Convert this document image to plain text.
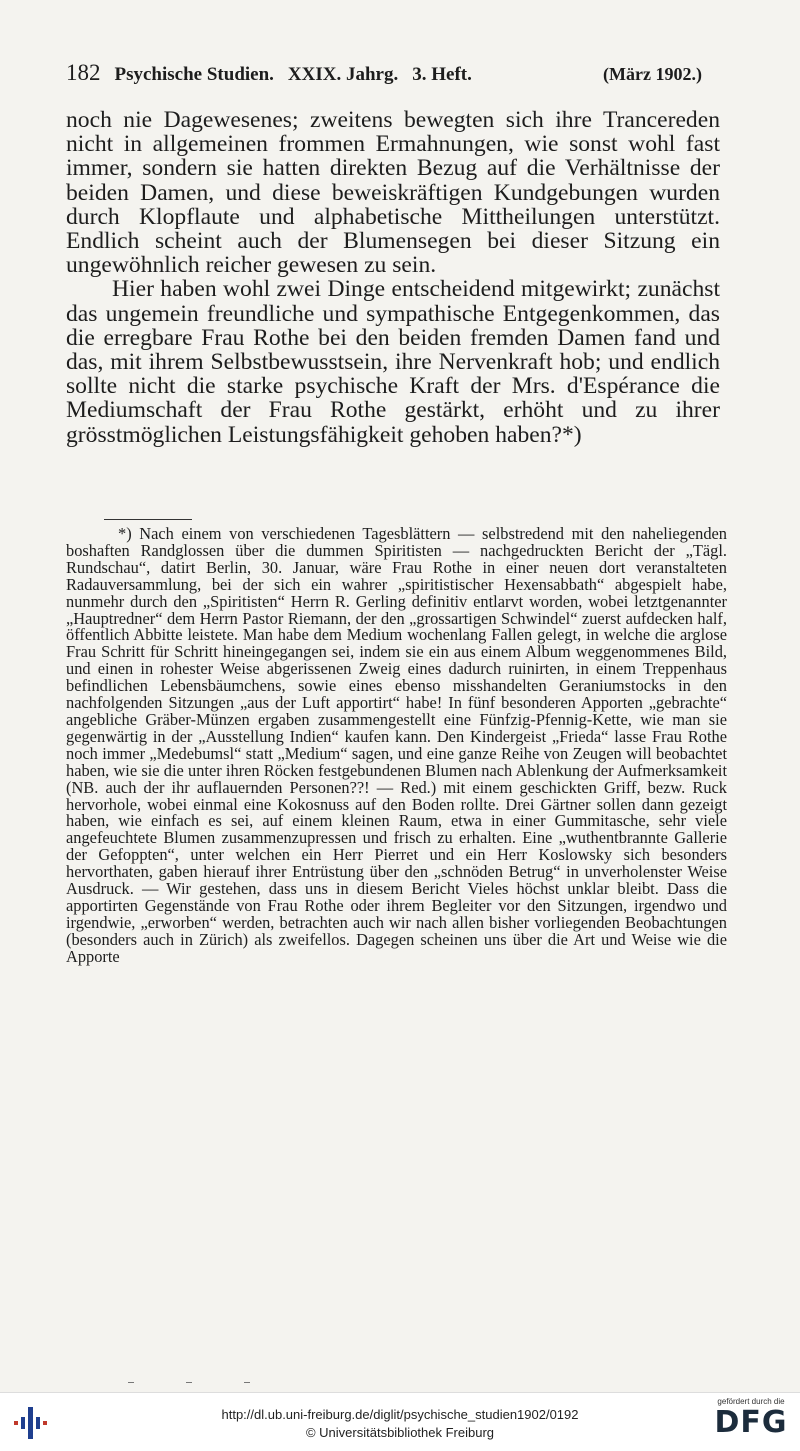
182 Psychische Studien. XXIX. Jahrg. 3. Heft.	(März 1902.)

noch nie Dagewesenes; zweitens bewegten sich ihre Trancereden nicht in allgemeinen frommen Ermahnungen, wie sonst wohl fast immer, sondern sie hatten direkten Bezug auf die Verhältnisse der beiden Damen, und diese beweiskräftigen Kundgebungen wurden durch Klopflaute und alphabetische Mittheilungen unterstützt. Endlich scheint auch der Blumensegen bei dieser Sitzung ein ungewöhnlich reicher gewesen zu sein.

Hier haben wohl zwei Dinge entscheidend mitgewirkt; zunächst das ungemein freundliche und sympathische Entgegenkommen, das die erregbare Frau Rothe bei den beiden fremden Damen fand und das, mit ihrem Selbstbewusstsein, ihre Nervenkraft hob; und endlich sollte nicht die starke psychische Kraft der Mrs. d'Espérance die Mediumschaft der Frau Rothe gestärkt, erhöht und zu ihrer grösstmöglichen Leistungsfähigkeit gehoben haben?*)

*) Nach einem von verschiedenen Tagesblättern — selbstredend mit den naheliegenden boshaften Randglossen über die dummen Spiritisten — nachgedruckten Bericht der „Tägl. Rundschau“, datirt Berlin, 30. Januar, wäre Frau Rothe in einer neuen dort veranstalteten Radauversammlung, bei der sich ein wahrer „spiritistischer Hexensabbath“ abgespielt habe, nunmehr durch den „Spiritisten“ Herrn R. Gerling definitiv entlarvt worden, wobei letztgenannter „Hauptredner“ dem Herrn Pastor Riemann, der den „grossartigen Schwindel“ zuerst aufdecken half, öffentlich Abbitte leistete. Man habe dem Medium wochenlang Fallen gelegt, in welche die arglose Frau Schritt für Schritt hineingegangen sei, indem sie ein aus einem Album weggenommenes Bild, und einen in rohester Weise abgerissenen Zweig eines dadurch ruinirten, in einem Treppenhaus befindlichen Lebensbäumchens, sowie eines ebenso misshandelten Geraniumstocks in den nachfolgenden Sitzungen „aus der Luft apportirt“ habe! In fünf besonderen Apporten „gebrachte“ angebliche Gräber-Münzen ergaben zusammengestellt eine Fünfzig-Pfennig-Kette, wie man sie gegenwärtig in der „Ausstellung Indien“ kaufen kann. Den Kindergeist „Frieda“ lasse Frau Rothe noch immer „Medebumsl“ statt „Medium“ sagen, und eine ganze Reihe von Zeugen will beobachtet haben, wie sie die unter ihren Röcken festgebundenen Blumen nach Ablenkung der Aufmerksamkeit (NB. auch der ihr auflauernden Personen??! — Red.) mit einem geschickten Griff, bezw. Ruck hervorhole, wobei einmal eine Kokosnuss auf den Boden rollte. Drei Gärtner sollen dann gezeigt haben, wie einfach es sei, auf einem kleinen Raum, etwa in einer Gummitasche, sehr viele angefeuchtete Blumen zusammenzupressen und frisch zu erhalten. Eine „wuthentbrannte Gallerie der Gefoppten“, unter welchen ein Herr Pierret und ein Herr Koslowsky sich besonders hervorthaten, gaben hierauf ihrer Entrüstung über den „schnöden Betrug“ in unverholenster Weise Ausdruck. — Wir gestehen, dass uns in diesem Bericht Vieles höchst unklar bleibt. Dass die apportirten Gegenstände von Frau Rothe oder ihrem Begleiter vor den Sitzungen, irgendwo und irgendwie, „erworben“ werden, betrachten auch wir nach allen bisher vorliegenden Beobachtungen (besonders auch in Zürich) als zweifellos. Dagegen scheinen uns über die Art und Weise wie die Apporte
http://dl.ub.uni-freiburg.de/diglit/psychische_studien1902/0192
© Universitätsbibliothek Freiburg
gefördert durch die
DFG
